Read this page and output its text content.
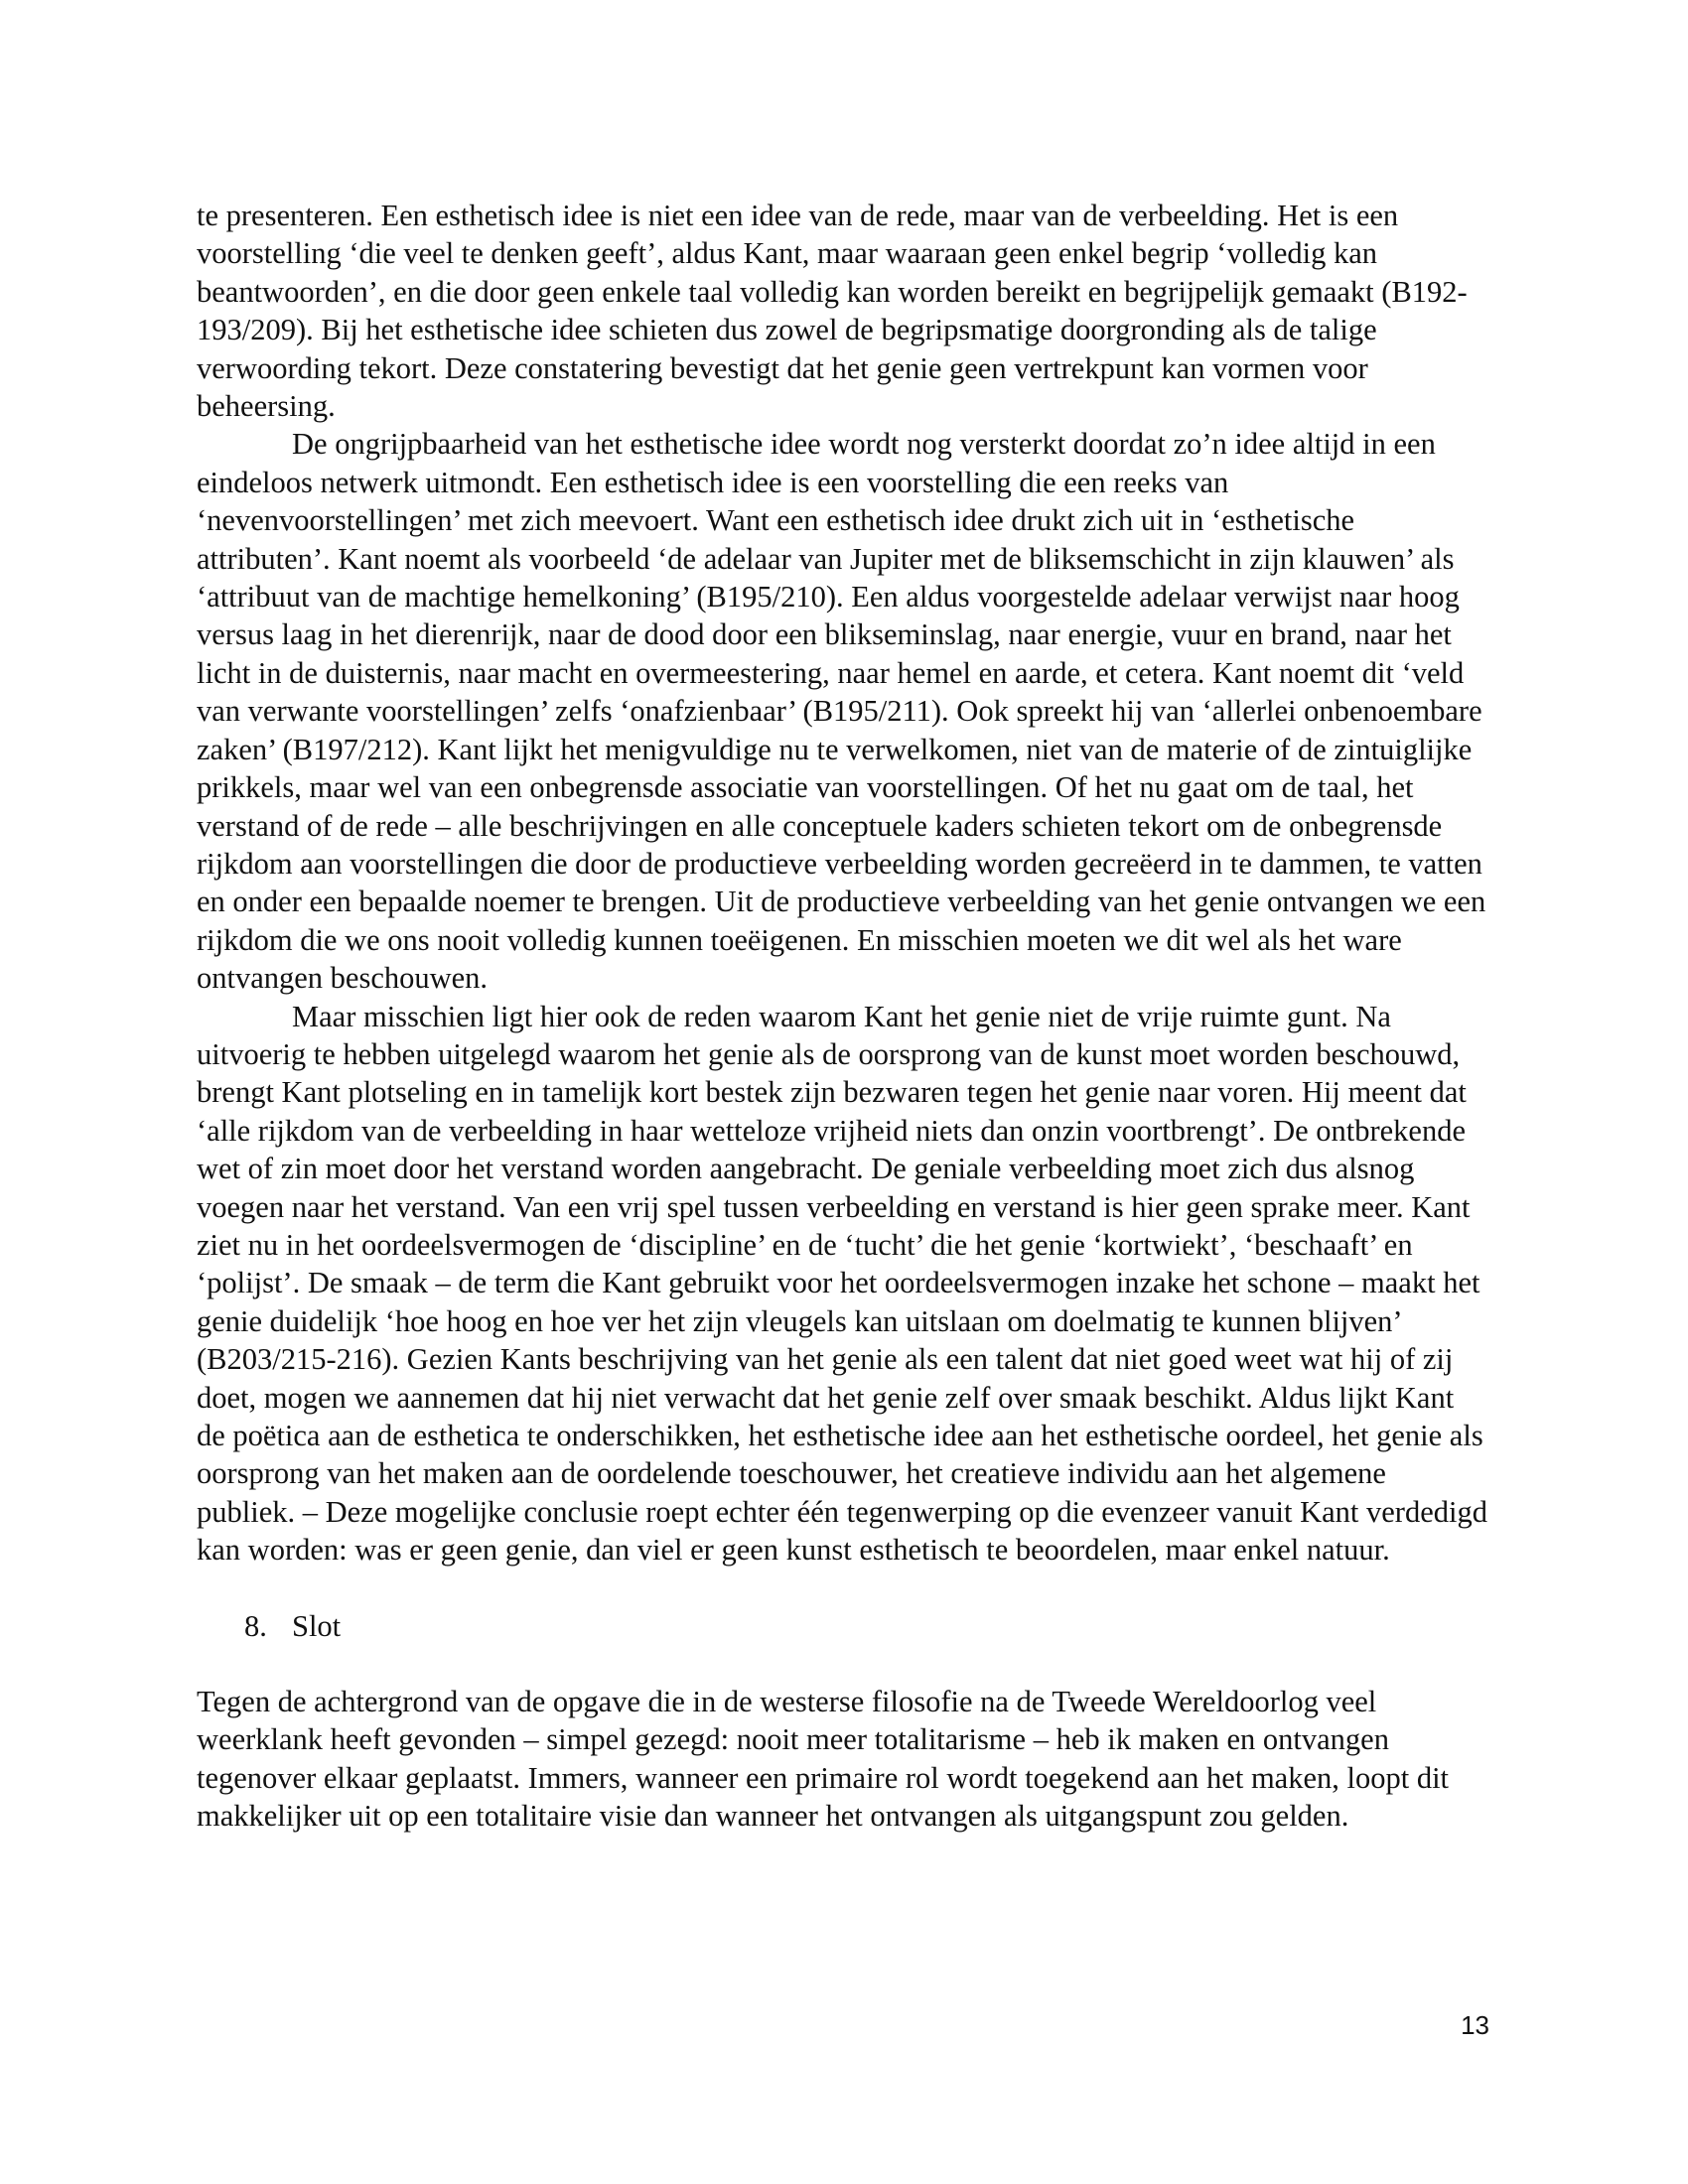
te presenteren. Een esthetisch idee is niet een idee van de rede, maar van de verbeelding. Het is een voorstelling ‘die veel te denken geeft’, aldus Kant, maar waaraan geen enkel begrip ‘volledig kan beantwoorden’, en die door geen enkele taal volledig kan worden bereikt en begrijpelijk gemaakt (B192-193/209). Bij het esthetische idee schieten dus zowel de begripsmatige doorgronding als de talige verwoording tekort. Deze constatering bevestigt dat het genie geen vertrekpunt kan vormen voor beheersing.

De ongrijpbaarheid van het esthetische idee wordt nog versterkt doordat zo’n idee altijd in een eindeloos netwerk uitmondt. Een esthetisch idee is een voorstelling die een reeks van ‘nevenvoorstellingen’ met zich meevoert. Want een esthetisch idee drukt zich uit in ‘esthetische attributen’. Kant noemt als voorbeeld ‘de adelaar van Jupiter met de bliksemschicht in zijn klauwen’ als ‘attribuut van de machtige hemelkoning’ (B195/210). Een aldus voorgestelde adelaar verwijst naar hoog versus laag in het dierenrijk, naar de dood door een blikseminslag, naar energie, vuur en brand, naar het licht in de duisternis, naar macht en overmeestering, naar hemel en aarde, et cetera. Kant noemt dit ‘veld van verwante voorstellingen’ zelfs ‘onafzienbaar’ (B195/211). Ook spreekt hij van ‘allerlei onbenoembare zaken’ (B197/212). Kant lijkt het menigvuldige nu te verwelkomen, niet van de materie of de zintuiglijke prikkels, maar wel van een onbegrensde associatie van voorstellingen. Of het nu gaat om de taal, het verstand of de rede – alle beschrijvingen en alle conceptuele kaders schieten tekort om de onbegrensde rijkdom aan voorstellingen die door de productieve verbeelding worden gecreëerd in te dammen, te vatten en onder een bepaalde noemer te brengen. Uit de productieve verbeelding van het genie ontvangen we een rijkdom die we ons nooit volledig kunnen toeëigenen. En misschien moeten we dit wel als het ware ontvangen beschouwen.

Maar misschien ligt hier ook de reden waarom Kant het genie niet de vrije ruimte gunt. Na uitvoerig te hebben uitgelegd waarom het genie als de oorsprong van de kunst moet worden beschouwd, brengt Kant plotseling en in tamelijk kort bestek zijn bezwaren tegen het genie naar voren. Hij meent dat ‘alle rijkdom van de verbeelding in haar wetteloze vrijheid niets dan onzin voortbrengt’. De ontbrekende wet of zin moet door het verstand worden aangebracht. De geniale verbeelding moet zich dus alsnog voegen naar het verstand. Van een vrij spel tussen verbeelding en verstand is hier geen sprake meer. Kant ziet nu in het oordeelsvermogen de ‘discipline’ en de ‘tucht’ die het genie ‘kortwiekt’, ‘beschaaft’ en ‘polijst’. De smaak – de term die Kant gebruikt voor het oordeelsvermogen inzake het schone – maakt het genie duidelijk ‘hoe hoog en hoe ver het zijn vleugels kan uitslaan om doelmatig te kunnen blijven’ (B203/215-216). Gezien Kants beschrijving van het genie als een talent dat niet goed weet wat hij of zij doet, mogen we aannemen dat hij niet verwacht dat het genie zelf over smaak beschikt. Aldus lijkt Kant de poëtica aan de esthetica te onderschikken, het esthetische idee aan het esthetische oordeel, het genie als oorsprong van het maken aan de oordelende toeschouwer, het creatieve individu aan het algemene publiek. – Deze mogelijke conclusie roept echter één tegenwerping op die evenzeer vanuit Kant verdedigd kan worden: was er geen genie, dan viel er geen kunst esthetisch te beoordelen, maar enkel natuur.

8. Slot

Tegen de achtergrond van de opgave die in de westerse filosofie na de Tweede Wereldoorlog veel weerklank heeft gevonden – simpel gezegd: nooit meer totalitarisme – heb ik maken en ontvangen tegenover elkaar geplaatst. Immers, wanneer een primaire rol wordt toegekend aan het maken, loopt dit makkelijker uit op een totalitaire visie dan wanneer het ontvangen als uitgangspunt zou gelden.

13
